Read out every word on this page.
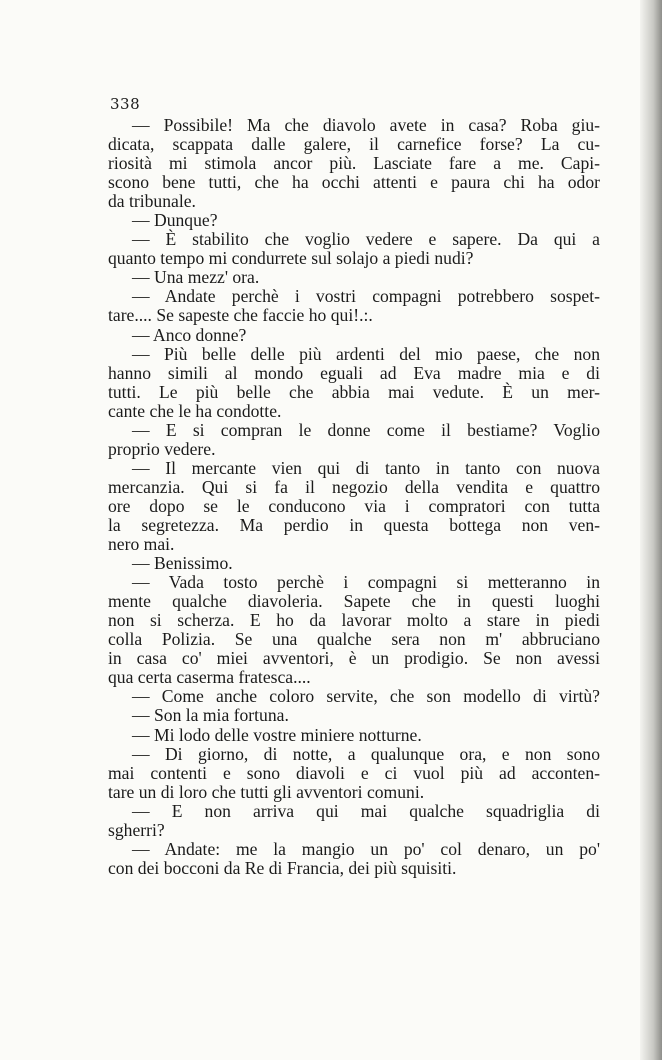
338
— Possibile! Ma che diavolo avete in casa? Roba giu-
dicata, scappata dalle galere, il carnefice forse? La cu-
riosità mi stimola ancor più. Lasciate fare a me. Capi-
scono bene tutti, che ha occhi attenti e paura chi ha odor
da tribunale.
— Dunque?
— È stabilito che voglio vedere e sapere. Da qui a
quanto tempo mi condurrete sul solajo a piedi nudi?
— Una mezz' ora.
— Andate perchè i vostri compagni potrebbero sospet-
tare.... Se sapeste che faccie ho qui!.:.
— Anco donne?
— Più belle delle più ardenti del mio paese, che non
hanno simili al mondo eguali ad Eva madre mia e di
tutti. Le più belle che abbia mai vedute. È un mer-
cante che le ha condotte.
— E si compran le donne come il bestiame? Voglio
proprio vedere.
— Il mercante vien qui di tanto in tanto con nuova
mercanzia. Qui si fa il negozio della vendita e quattro
ore dopo se le conducono via i compratori con tutta
la segretezza. Ma perdio in questa bottega non ven-
nero mai.
— Benissimo.
— Vada tosto perchè i compagni si metteranno in
mente qualche diavoleria. Sapete che in questi luoghi
non si scherza. E ho da lavorar molto a stare in piedi
colla Polizia. Se una qualche sera non m' abbruciano
in casa co' miei avventori, è un prodigio. Se non avessi
qua certa caserma fratesca....
— Come anche coloro servite, che son modello di virtù?
— Son la mia fortuna.
— Mi lodo delle vostre miniere notturne.
— Di giorno, di notte, a qualunque ora, e non sono
mai contenti e sono diavoli e ci vuol più ad acconten-
tare un di loro che tutti gli avventori comuni.
— E non arriva qui mai qualche squadriglia di
sgherri?
— Andate: me la mangio un po' col denaro, un po'
con dei bocconi da Re di Francia, dei più squisiti.
